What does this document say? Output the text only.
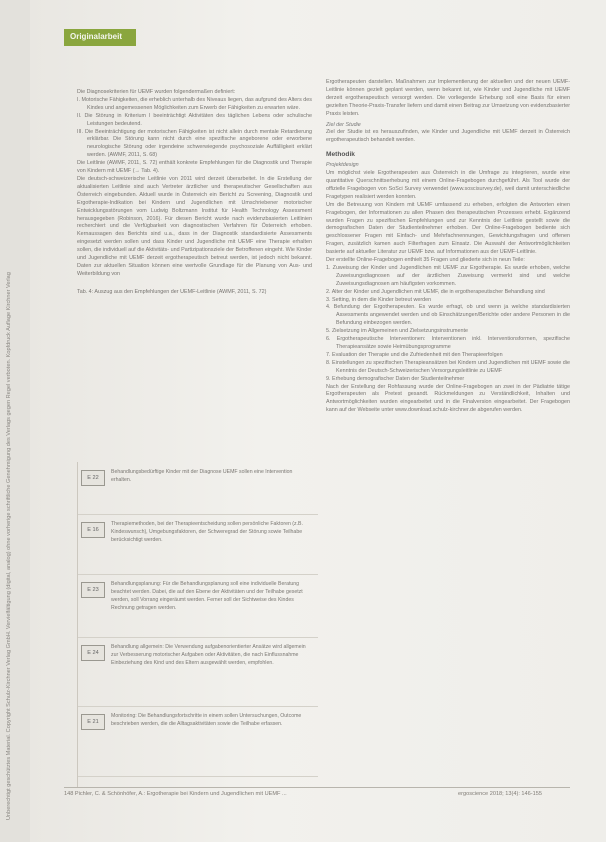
Unberechtigt geschütztes Material. Copyright Schulz-Kirchner Verlag GmbH. Vervielfältigung (digital, analog) ohne vorherige schriftliche Genehmigung des Verlags gegen Regel verboten. Kopfdruck Auflage Kirchner Verlag
Originalarbeit

Die Diagnosekriterien für UEMF wurden folgendermaßen definiert:

I. Motorische Fähigkeiten, die erheblich unterhalb des Niveaus liegen, das aufgrund des Alters des Kindes und angemessenen Möglichkeiten zum Erwerb der Fähigkeiten zu erwarten wäre.

II. Die Störung in Kriterium I beeinträchtigt Aktivitäten des täglichen Lebens oder schulische Leistungen bedeutend.

III. Die Beeinträchtigung der motorischen Fähigkeiten ist nicht allein durch mentale Retardierung erklärbar. Die Störung kann nicht durch eine spezifische angeborene oder erworbene neurologische Störung oder irgendeine schwerwiegende psychosoziale Auffälligkeit erklärt werden. (AWMF, 2011, S. 68)

Die Leitlinie (AWMF, 2011, S. 72) enthält konkrete Empfehlungen für die Diagnostik und Therapie von Kindern mit UEMF (→ Tab. 4).

Die deutsch-schweizerische Leitlinie von 2011 wird derzeit überarbeitet. In die Erstellung der aktualisierten Leitlinie sind auch Vertreter ärztlicher und therapeutischer Gesellschaften aus Österreich eingebunden. Aktuell wurde in Österreich ein Bericht zu Screening, Diagnostik und Ergotherapie-Indikation bei Kindern und Jugendlichen mit Umschriebener motorischer Entwicklungsstörungen vom Ludwig Boltzmann Institut für Health Technology Assessment herausgegeben (Robinson, 2016). Für diesen Bericht wurde nach evidenzbasierten Leitlinien recherchiert und die Verfügbarkeit von diagnostischen Verfahren für Österreich erhoben. Kernaussagen des Berichts sind u.a., dass in der Diagnostik standardisierte Assessments eingesetzt werden sollen und dass Kinder und Jugendliche mit UEMF eine Therapie erhalten sollen, die individuell auf die Aktivitäts- und Partizipationsziele der Betroffenen eingeht. Wie Kinder und Jugendliche mit UEMF derzeit ergotherapeutisch betreut werden, ist jedoch nicht bekannt. Daten zur aktuellen Situation können eine wertvolle Grundlage für die Planung von Aus- und Weiterbildung von

Tab. 4: Auszug aus den Empfehlungen der UEMF-Leitlinie (AWMF, 2011, S. 72)

E 22
Behandlungsbedürftige Kinder mit der Diagnose UEMF sollen eine Intervention erhalten.
E 16
Therapiemethoden, bei der Therapieentscheidung sollen persönliche Faktoren (z.B. Kindeswunsch), Umgebungsfaktoren, der Schweregrad der Störung sowie Teilhabe berücksichtigt werden.
E 23
Behandlungsplanung: Für die Behandlungsplanung soll eine individuelle Beratung beachtet werden. Dabei, die auf den Ebene der Aktivitäten und der Teilhabe gesetzt werden, soll Vorrang eingeräumt werden. Ferner soll der Sichtweise des Kindes Rechnung getragen werden.
E 24
Behandlung allgemein: Die Verwendung aufgabenorientierter Ansätze wird allgemein zur Verbesserung motorischer Aufgaben oder Aktivitäten, die nach Einflussnahme Einbeziehung des Kind und des Eltern ausgewählt werden, empfohlen.
E 21
Monitoring: Die Behandlungsfortschritte in einem sollen Untersuchungen, Outcome beschrieben werden, die die Alltagsaktivitäten sowie die Teilhabe erfassen.

Ergotherapeuten darstellen. Maßnahmen zur Implementierung der aktuellen und der neuen UEMF-Leitlinie können gezielt geplant werden, wenn bekannt ist, wie Kinder und Jugendliche mit UEMF derzeit ergotherapeutisch versorgt werden. Die vorliegende Erhebung soll eine Basis für einen gezielten Theorie-Praxis-Transfer liefern und damit einen Beitrag zur Umsetzung von evidenzbasierter Praxis leisten.

Ziel der Studie

Ziel der Studie ist es herauszufinden, wie Kinder und Jugendliche mit UEMF derzeit in Österreich ergotherapeutisch behandelt werden.

Methodik

Projektdesign

Um möglichst viele Ergotherapeuten aus Österreich in die Umfrage zu integrieren, wurde eine quantitative Querschnittserhebung mit einem Online-Fragebogen durchgeführt. Als Tool wurde der offizielle Fragebogen von SoSci Survey verwendet (www.soscisurvey.de), weil damit unterschiedliche Fragetypen realisiert werden konnten.

Um die Betreuung von Kindern mit UEMF umfassend zu erheben, erfolgten die Antworten einen Fragebogen, der Informationen zu allen Phasen des therapeutischen Prozesses erhebt. Ergänzend wurden Fragen zu spezifischen Empfehlungen und zur Kenntnis der Leitlinie gestellt sowie die demografischen Daten der Studienteilnehmer erhoben. Der Online-Fragebogen bediente sich geschlossener Fragen mit Einfach- und Mehrfachnennungen, Gewichtungsfragen und offenen Fragen, zusätzlich kamen auch Filterfragen zum Einsatz. Die Auswahl der Antwortmöglichkeiten basierte auf aktueller Literatur zur UEMF bzw. auf Informationen aus der UEMF-Leitlinie.

Der erstellte Online-Fragebogen enthielt 35 Fragen und gliederte sich in neun Teile:

1. Zuweisung der Kinder und Jugendlichen mit UEMF zur Ergotherapie. Es wurde erhoben, welche Zuweisungsdiagnosen auf der ärztlichen Zuweisung vermerkt sind und welche Zuweisungsdiagnosen am häufigsten vorkommen.

2. Alter der Kinder und Jugendlichen mit UEMF, die in ergotherapeutischer Behandlung sind

3. Setting, in dem die Kinder betreut werden

4. Befundung der Ergotherapeuten. Es wurde erfragt, ob und wenn ja welche standardisierten Assessments angewendet werden und ob Einschätzungen/Berichte oder andere Personen in die Befundung einbezogen werden.

5. Zielsetzung im Allgemeinen und Zielsetzungsinstrumente

6. Ergotherapeutische Interventionen: Interventionen inkl. Interventionsformen, spezifische Therapieansätze sowie Heimübungsprogramme

7. Evaluation der Therapie und die Zufriedenheit mit den Therapieerfolgen

8. Einstellungen zu spezifischen Therapieansätzen bei Kindern und Jugendlichen mit UEMF sowie die Kenntnis der Deutsch-Schweizerischen Versorgungsleitlinie zu UEMF

9. Erhebung demografischer Daten der Studienteilnehmer

Nach der Erstellung der Rohfassung wurde der Online-Fragebogen an zwei in der Pädiatrie tätige Ergotherapeuten als Pretest gesandt. Rückmeldungen zu Verständlichkeit, Inhalten und Antwortmöglichkeiten wurden eingearbeitet und in die Finalversion eingearbeitet. Der Fragebogen kann auf der Webseite unter www.download.schulz-kirchner.de abgerufen werden.

148 Pichler, C. & Schönhöfer, A.: Ergotherapie bei Kindern und Jugendlichen mit UEMF ...	ergoscience 2018; 13(4): 146-155
